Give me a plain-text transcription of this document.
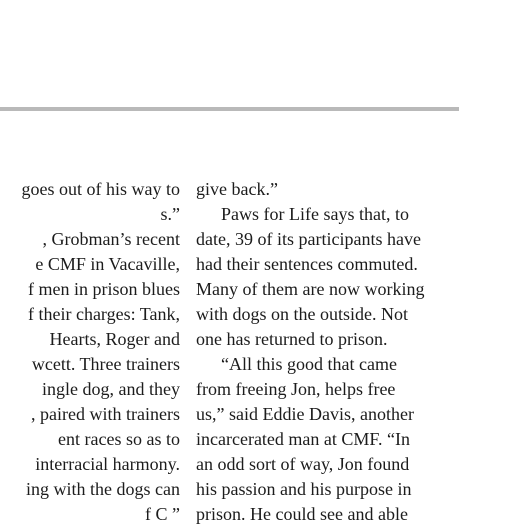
goes out of his way to
s.”
, Grobman’s recent
e CMF in Vacaville,
f men in prison blues
f their charges: Tank,
Hearts, Roger and
wcett. Three trainers
ingle dog, and they
, paired with trainers
ent races so as to
interracial harmony.
ing with the dogs can
f C ”
give back.”
Paws for Life says that, to
date, 39 of its participants have
had their sentences commuted.
Many of them are now working
with dogs on the outside. Not
one has returned to prison.
“All this good that came
from freeing Jon, helps free
us,” said Eddie Davis, another
incarcerated man at CMF. “In
an odd sort of way, Jon found
his passion and his purpose in
prison. He could see and able
